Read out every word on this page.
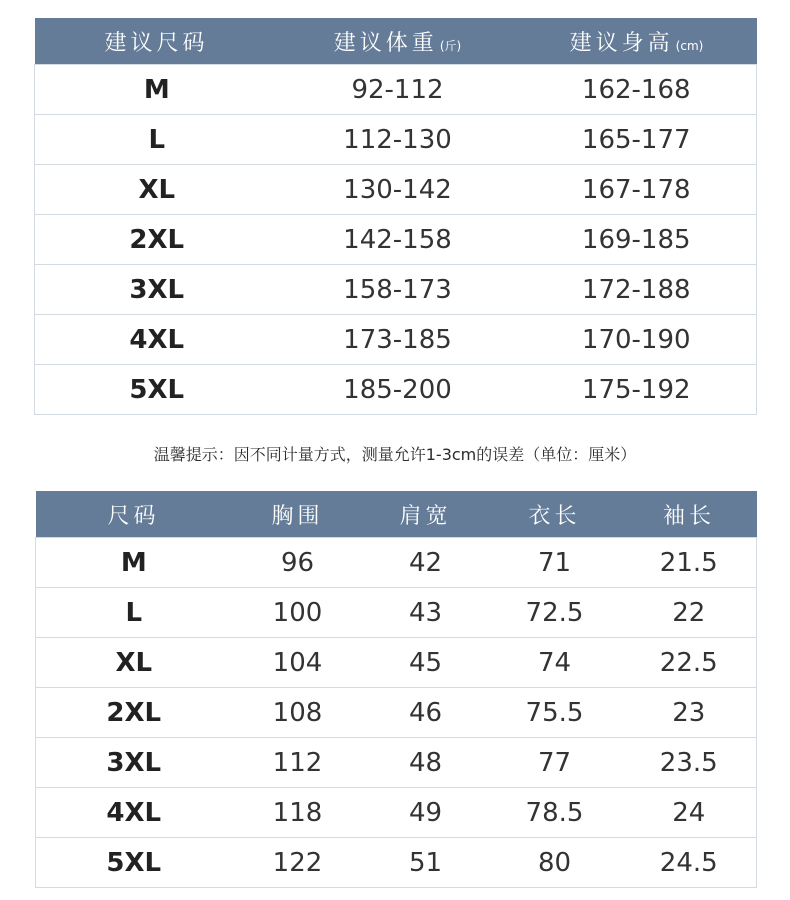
建议尺码	建议体重 (斤)	建议身高 (cm)
M	92-112	162-168
L	112-130	165-177
XL	130-142	167-178
2XL	142-158	169-185
3XL	158-173	172-188
4XL	173-185	170-190
5XL	185-200	175-192
温馨提示：因不同计量方式，测量允许1-3cm的误差（单位：厘米）
尺码	胸围	肩宽	衣长	袖长
M	96	42	71	21.5
L	100	43	72.5	22
XL	104	45	74	22.5
2XL	108	46	75.5	23
3XL	112	48	77	23.5
4XL	118	49	78.5	24
5XL	122	51	80	24.5
